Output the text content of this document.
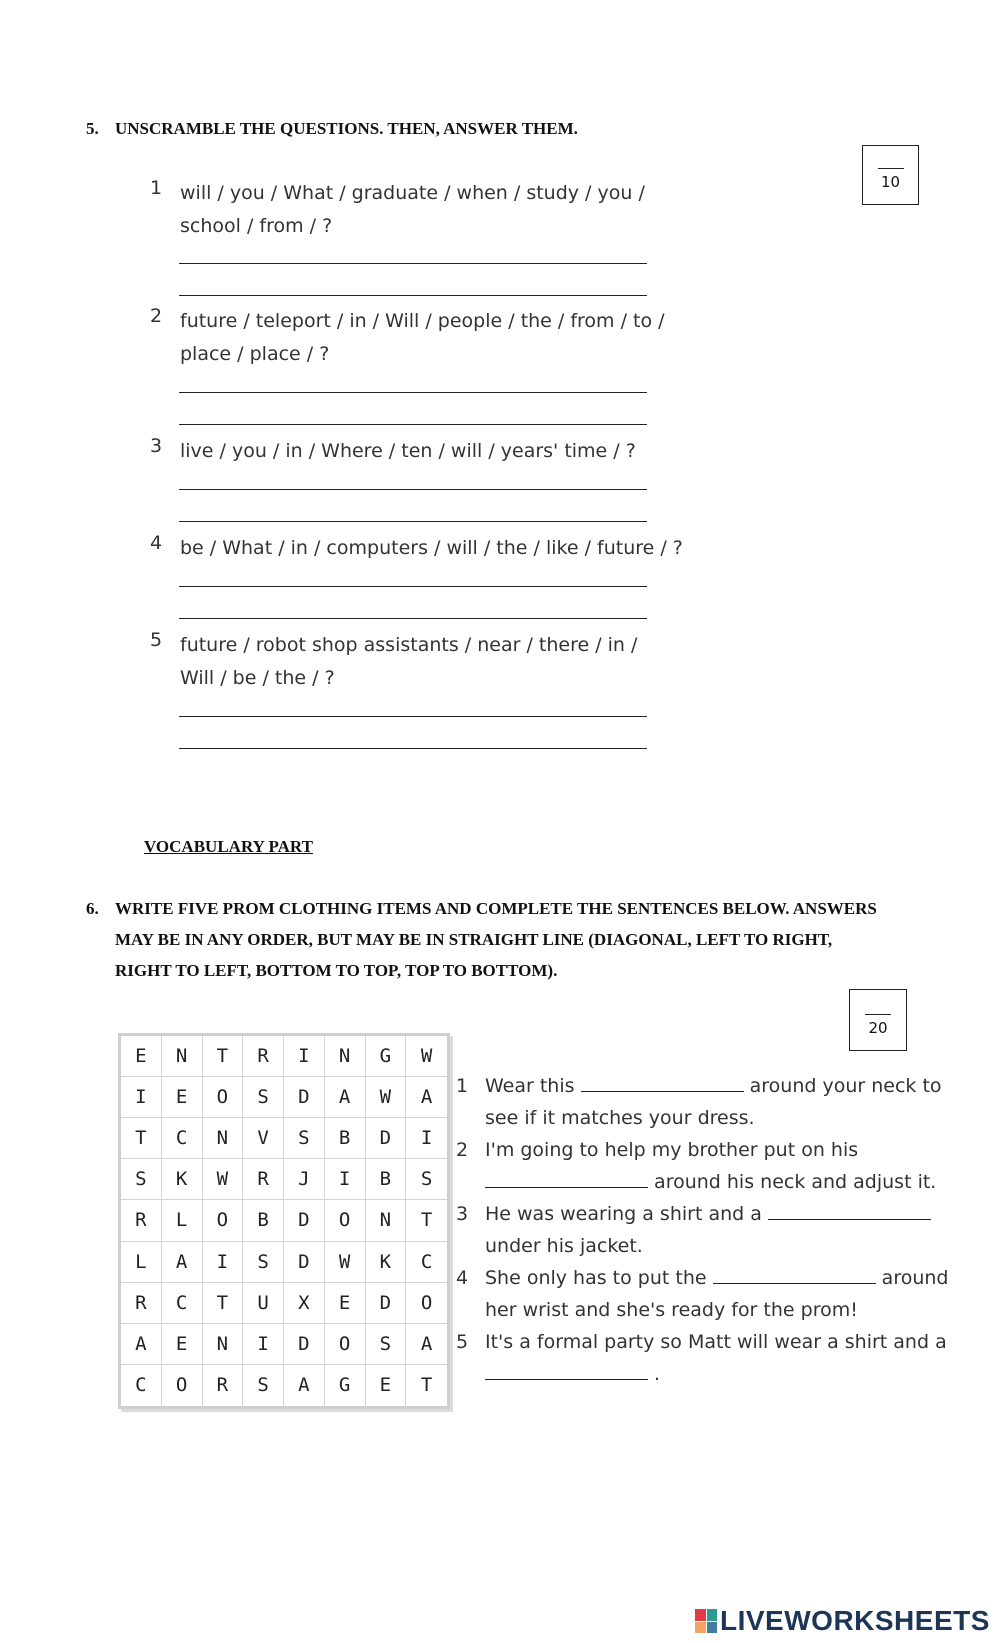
5. UNSCRAMBLE THE QUESTIONS. THEN, ANSWER THEM.
10
1 will / you / What / graduate / when / study / you /
school / from / ?
2 future / teleport / in / Will / people / the / from / to /
place / place / ?
3 live / you / in / Where / ten / will / years' time / ?
4 be / What / in / computers / will / the / like / future / ?
5 future / robot shop assistants / near / there / in /
Will / be / the / ?
VOCABULARY PART
6. WRITE FIVE PROM CLOTHING ITEMS AND COMPLETE THE SENTENCES BELOW. ANSWERS
MAY BE IN ANY ORDER, BUT MAY BE IN STRAIGHT LINE (DIAGONAL, LEFT TO RIGHT,
RIGHT TO LEFT, BOTTOM TO TOP, TOP TO BOTTOM).
20
E	N	T	R	I	N	G	W
I	E	O	S	D	A	W	A
T	C	N	V	S	B	D	I
S	K	W	R	J	I	B	S
R	L	O	B	D	O	N	T
L	A	I	S	D	W	K	C
R	C	T	U	X	E	D	O
A	E	N	I	D	O	S	A
C	O	R	S	A	G	E	T
1 Wear this	around your neck to
see if it matches your dress.
2 I'm going to help my brother put on his
around his neck and adjust it.
3 He was wearing a shirt and a
under his jacket.
4 She only has to put the	around
her wrist and she's ready for the prom!
5 It's a formal party so Matt will wear a shirt and a
.
LIVEWORKSHEETS
